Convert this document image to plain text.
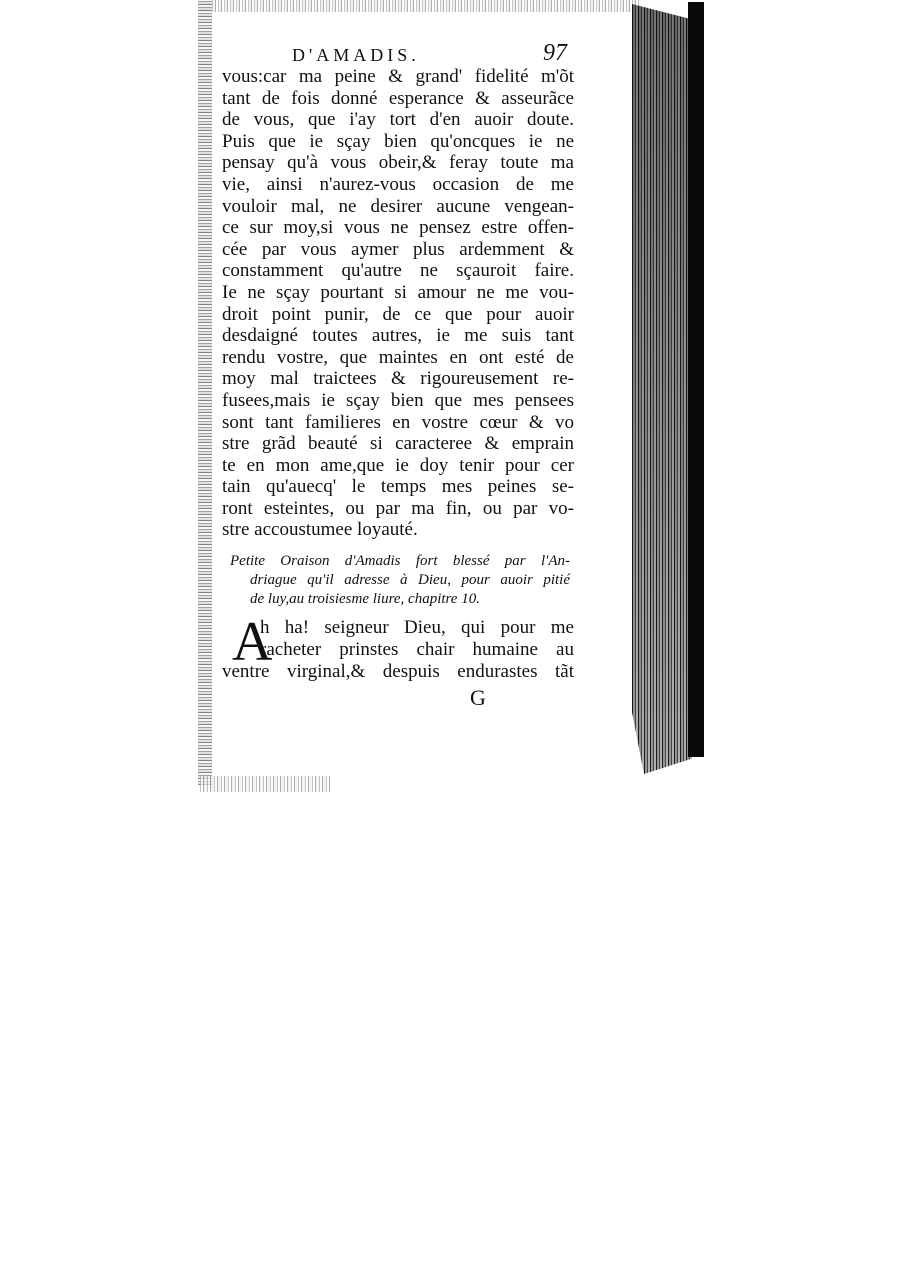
D'AMADIS.	97
vous:car ma peine & grand' fidelité m'õt
tant de fois donné esperance & asseurãce
de vous, que i'ay tort d'en auoir doute.
Puis que ie sçay bien qu'oncques ie ne
pensay qu'à vous obeir,& feray toute ma
vie, ainsi n'aurez-vous occasion de me
vouloir mal, ne desirer aucune vengean-
ce sur moy,si vous ne pensez estre offen-
cée par vous aymer plus ardemment &
constamment qu'autre ne sçauroit faire.
Ie ne sçay pourtant si amour ne me vou-
droit point punir, de ce que pour auoir
desdaigné toutes autres, ie me suis tant
rendu vostre, que maintes en ont esté de
moy mal traictees & rigoureusement re-
fusees,mais ie sçay bien que mes pensees
sont tant familieres en vostre cœur & vo
stre grãd beauté si caracteree & emprain
te en mon ame,que ie doy tenir pour cer
tain qu'auecq' le temps mes peines se-
ront esteintes, ou par ma fin, ou par vo-
stre accoustumee loyauté.
Petite Oraison d'Amadis fort blessé par l'An-
driague qu'il adresse à Dieu, pour auoir pitié
de luy,au troisiesme liure, chapitre 10.
A
h ha! seigneur Dieu, qui pour me
racheter prinstes chair humaine au
ventre virginal,& despuis endurastes tãt
G
